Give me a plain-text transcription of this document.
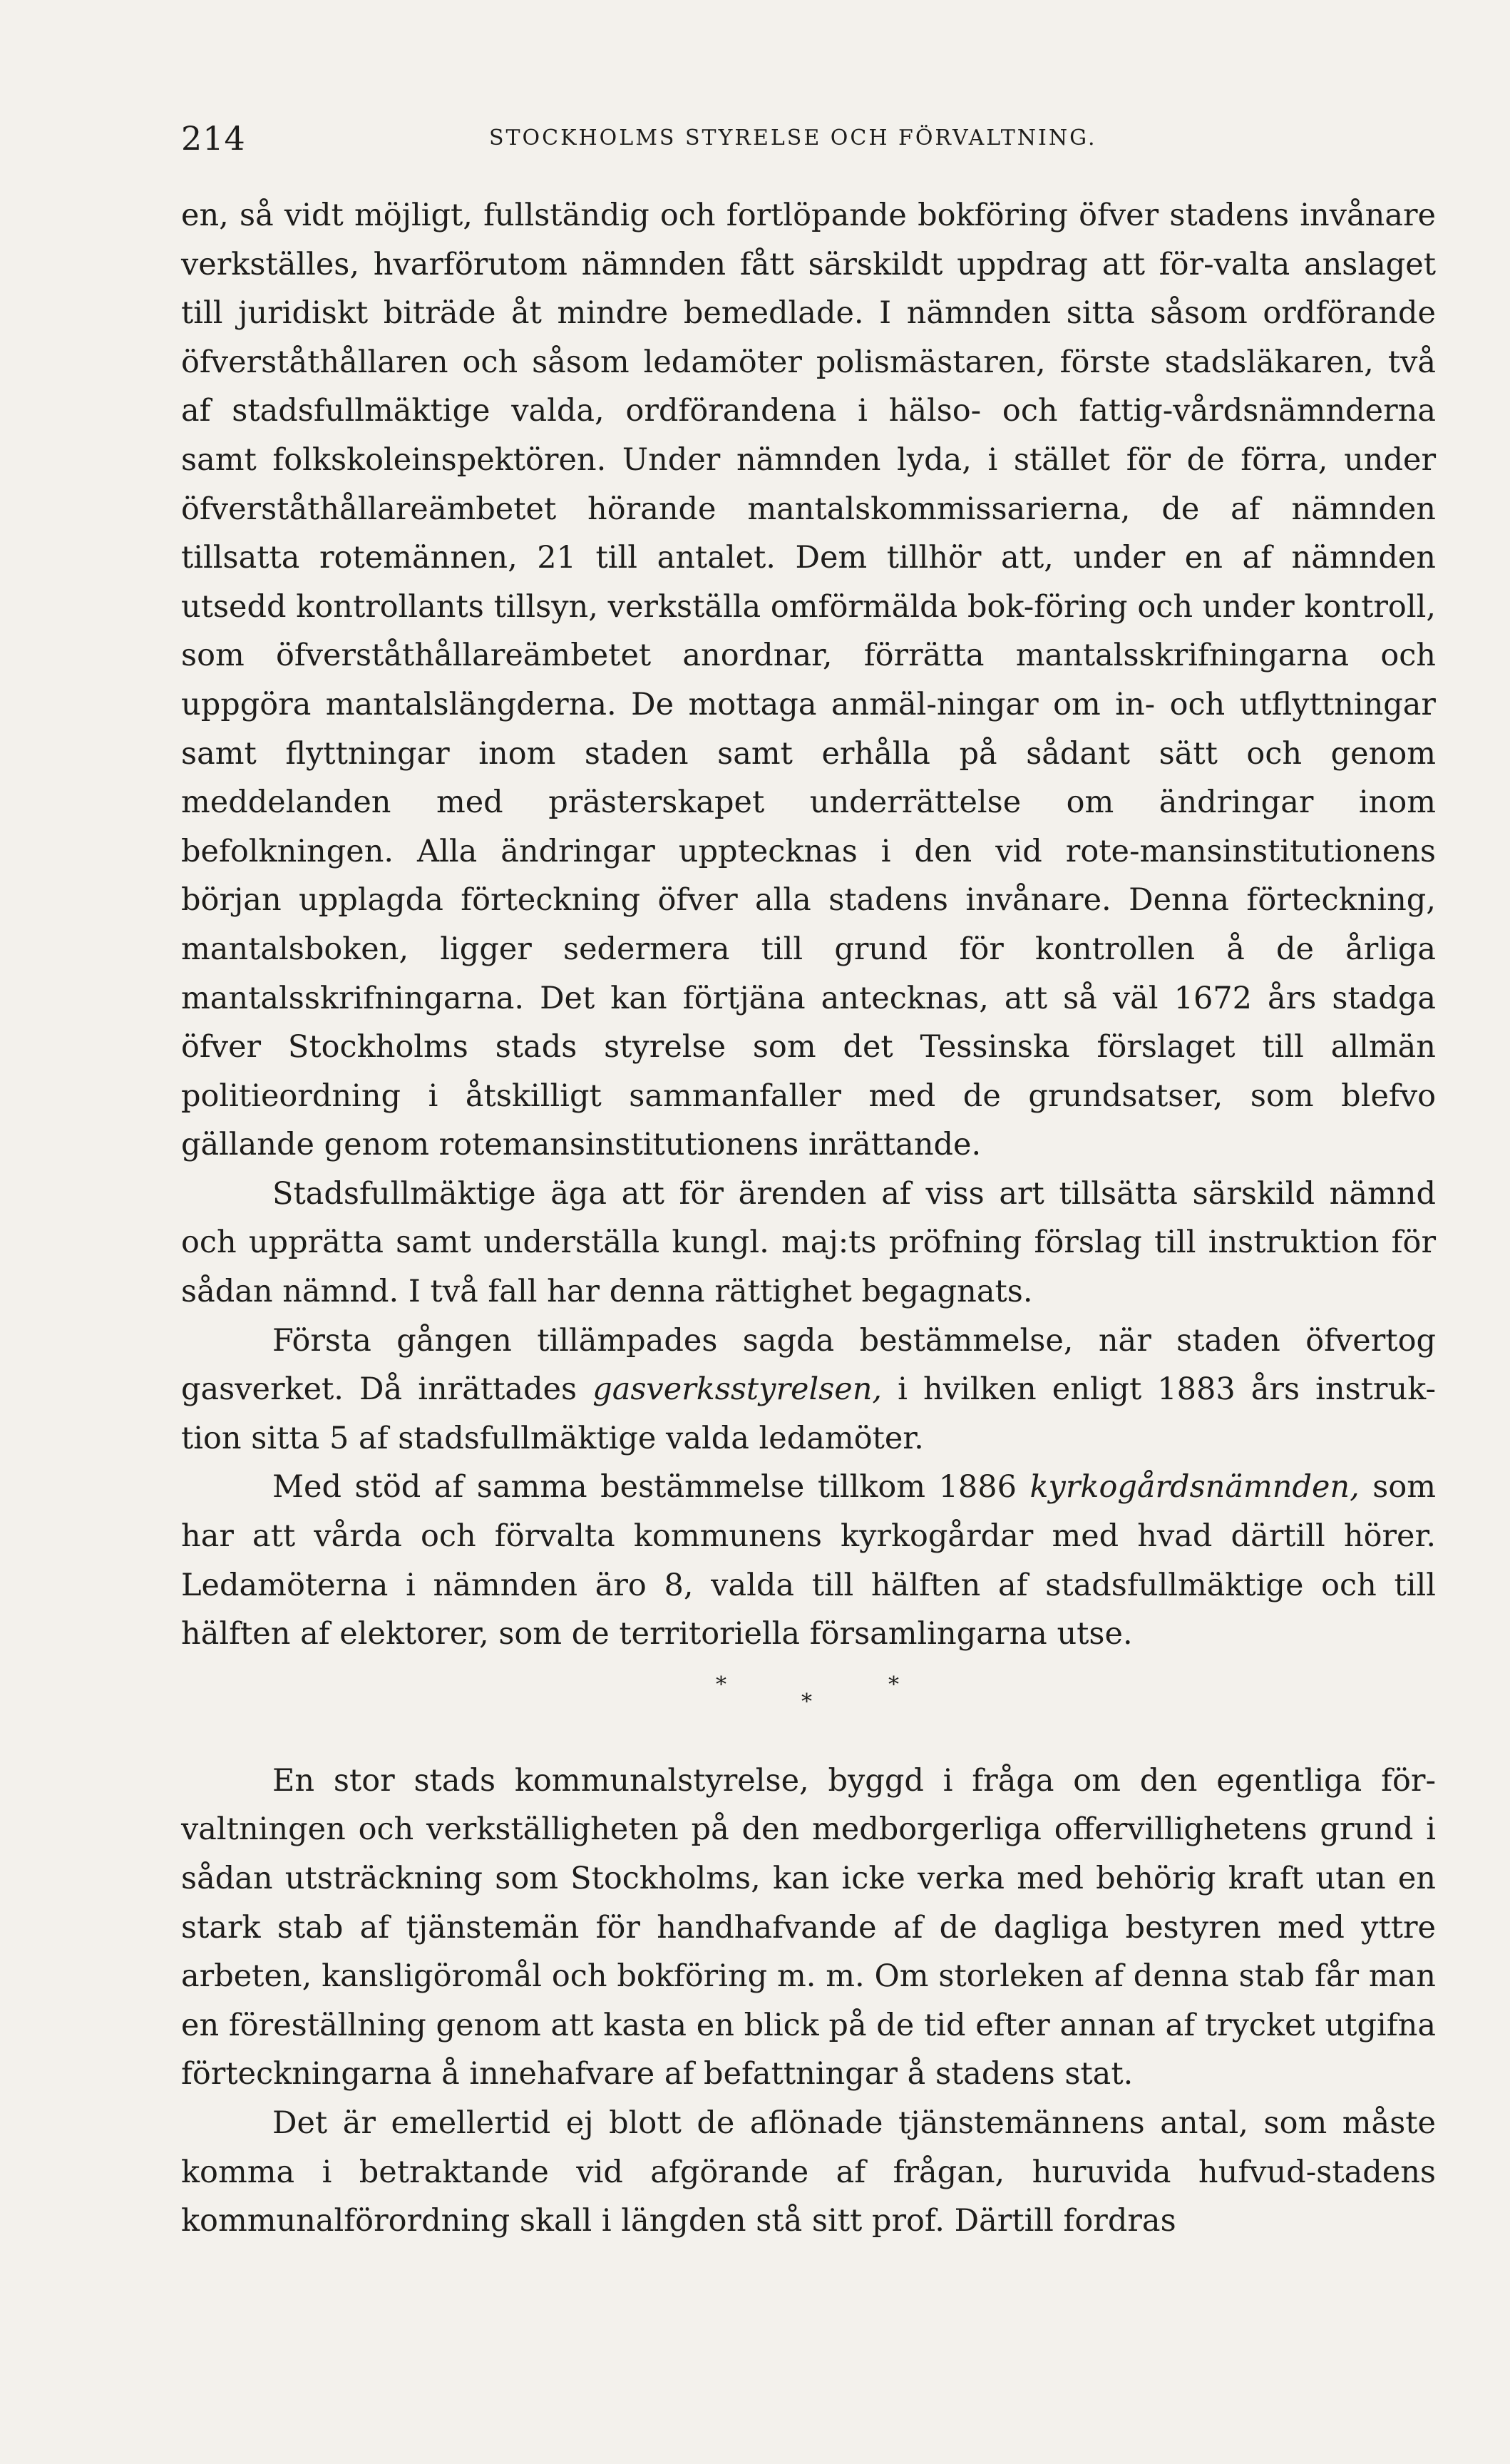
214	STOCKHOLMS STYRELSE OCH FÖRVALTNING.

en, så vidt möjligt, fullständig och fortlöpande bokföring öfver stadens invånare verkställes, hvarförutom nämnden fått särskildt uppdrag att för-valta anslaget till juridiskt biträde åt mindre bemedlade. I nämnden sitta såsom ordförande öfverståthållaren och såsom ledamöter polismästaren, förste stadsläkaren, två af stadsfullmäktige valda, ordförandena i hälso- och fattig-vårdsnämnderna samt folkskoleinspektören. Under nämnden lyda, i stället för de förra, under öfverståthållareämbetet hörande mantalskommissarierna, de af nämnden tillsatta rotemännen, 21 till antalet. Dem tillhör att, under en af nämnden utsedd kontrollants tillsyn, verkställa omförmälda bok-föring och under kontroll, som öfverståthållareämbetet anordnar, förrätta mantalsskrifningarna och uppgöra mantalslängderna. De mottaga anmäl-ningar om in- och utflyttningar samt flyttningar inom staden samt erhålla på sådant sätt och genom meddelanden med prästerskapet underrättelse om ändringar inom befolkningen. Alla ändringar upptecknas i den vid rote-mansinstitutionens början upplagda förteckning öfver alla stadens invånare. Denna förteckning, mantalsboken, ligger sedermera till grund för kontrollen å de årliga mantalsskrifningarna. Det kan förtjäna antecknas, att så väl 1672 års stadga öfver Stockholms stads styrelse som det Tessinska förslaget till allmän politieordning i åtskilligt sammanfaller med de grundsatser, som blefvo gällande genom rotemansinstitutionens inrättande.

Stadsfullmäktige äga att för ärenden af viss art tillsätta särskild nämnd och upprätta samt underställa kungl. maj:ts pröfning förslag till instruktion för sådan nämnd. I två fall har denna rättighet begagnats.

Första gången tillämpades sagda bestämmelse, när staden öfvertog gasverket. Då inrättades gasverksstyrelsen, i hvilken enligt 1883 års instruk-tion sitta 5 af stadsfullmäktige valda ledamöter.

Med stöd af samma bestämmelse tillkom 1886 kyrkogårdsnämnden, som har att vårda och förvalta kommunens kyrkogårdar med hvad därtill hörer. Ledamöterna i nämnden äro 8, valda till hälften af stadsfullmäktige och till hälften af elektorer, som de territoriella församlingarna utse.

*	*
*

En stor stads kommunalstyrelse, byggd i fråga om den egentliga för-valtningen och verkställigheten på den medborgerliga offervillighetens grund i sådan utsträckning som Stockholms, kan icke verka med behörig kraft utan en stark stab af tjänstemän för handhafvande af de dagliga bestyren med yttre arbeten, kansligöromål och bokföring m. m. Om storleken af denna stab får man en föreställning genom att kasta en blick på de tid efter annan af trycket utgifna förteckningarna å innehafvare af befattningar å stadens stat.

Det är emellertid ej blott de aflönade tjänstemännens antal, som måste komma i betraktande vid afgörande af frågan, huruvida hufvud-stadens kommunalförordning skall i längden stå sitt prof. Därtill fordras
